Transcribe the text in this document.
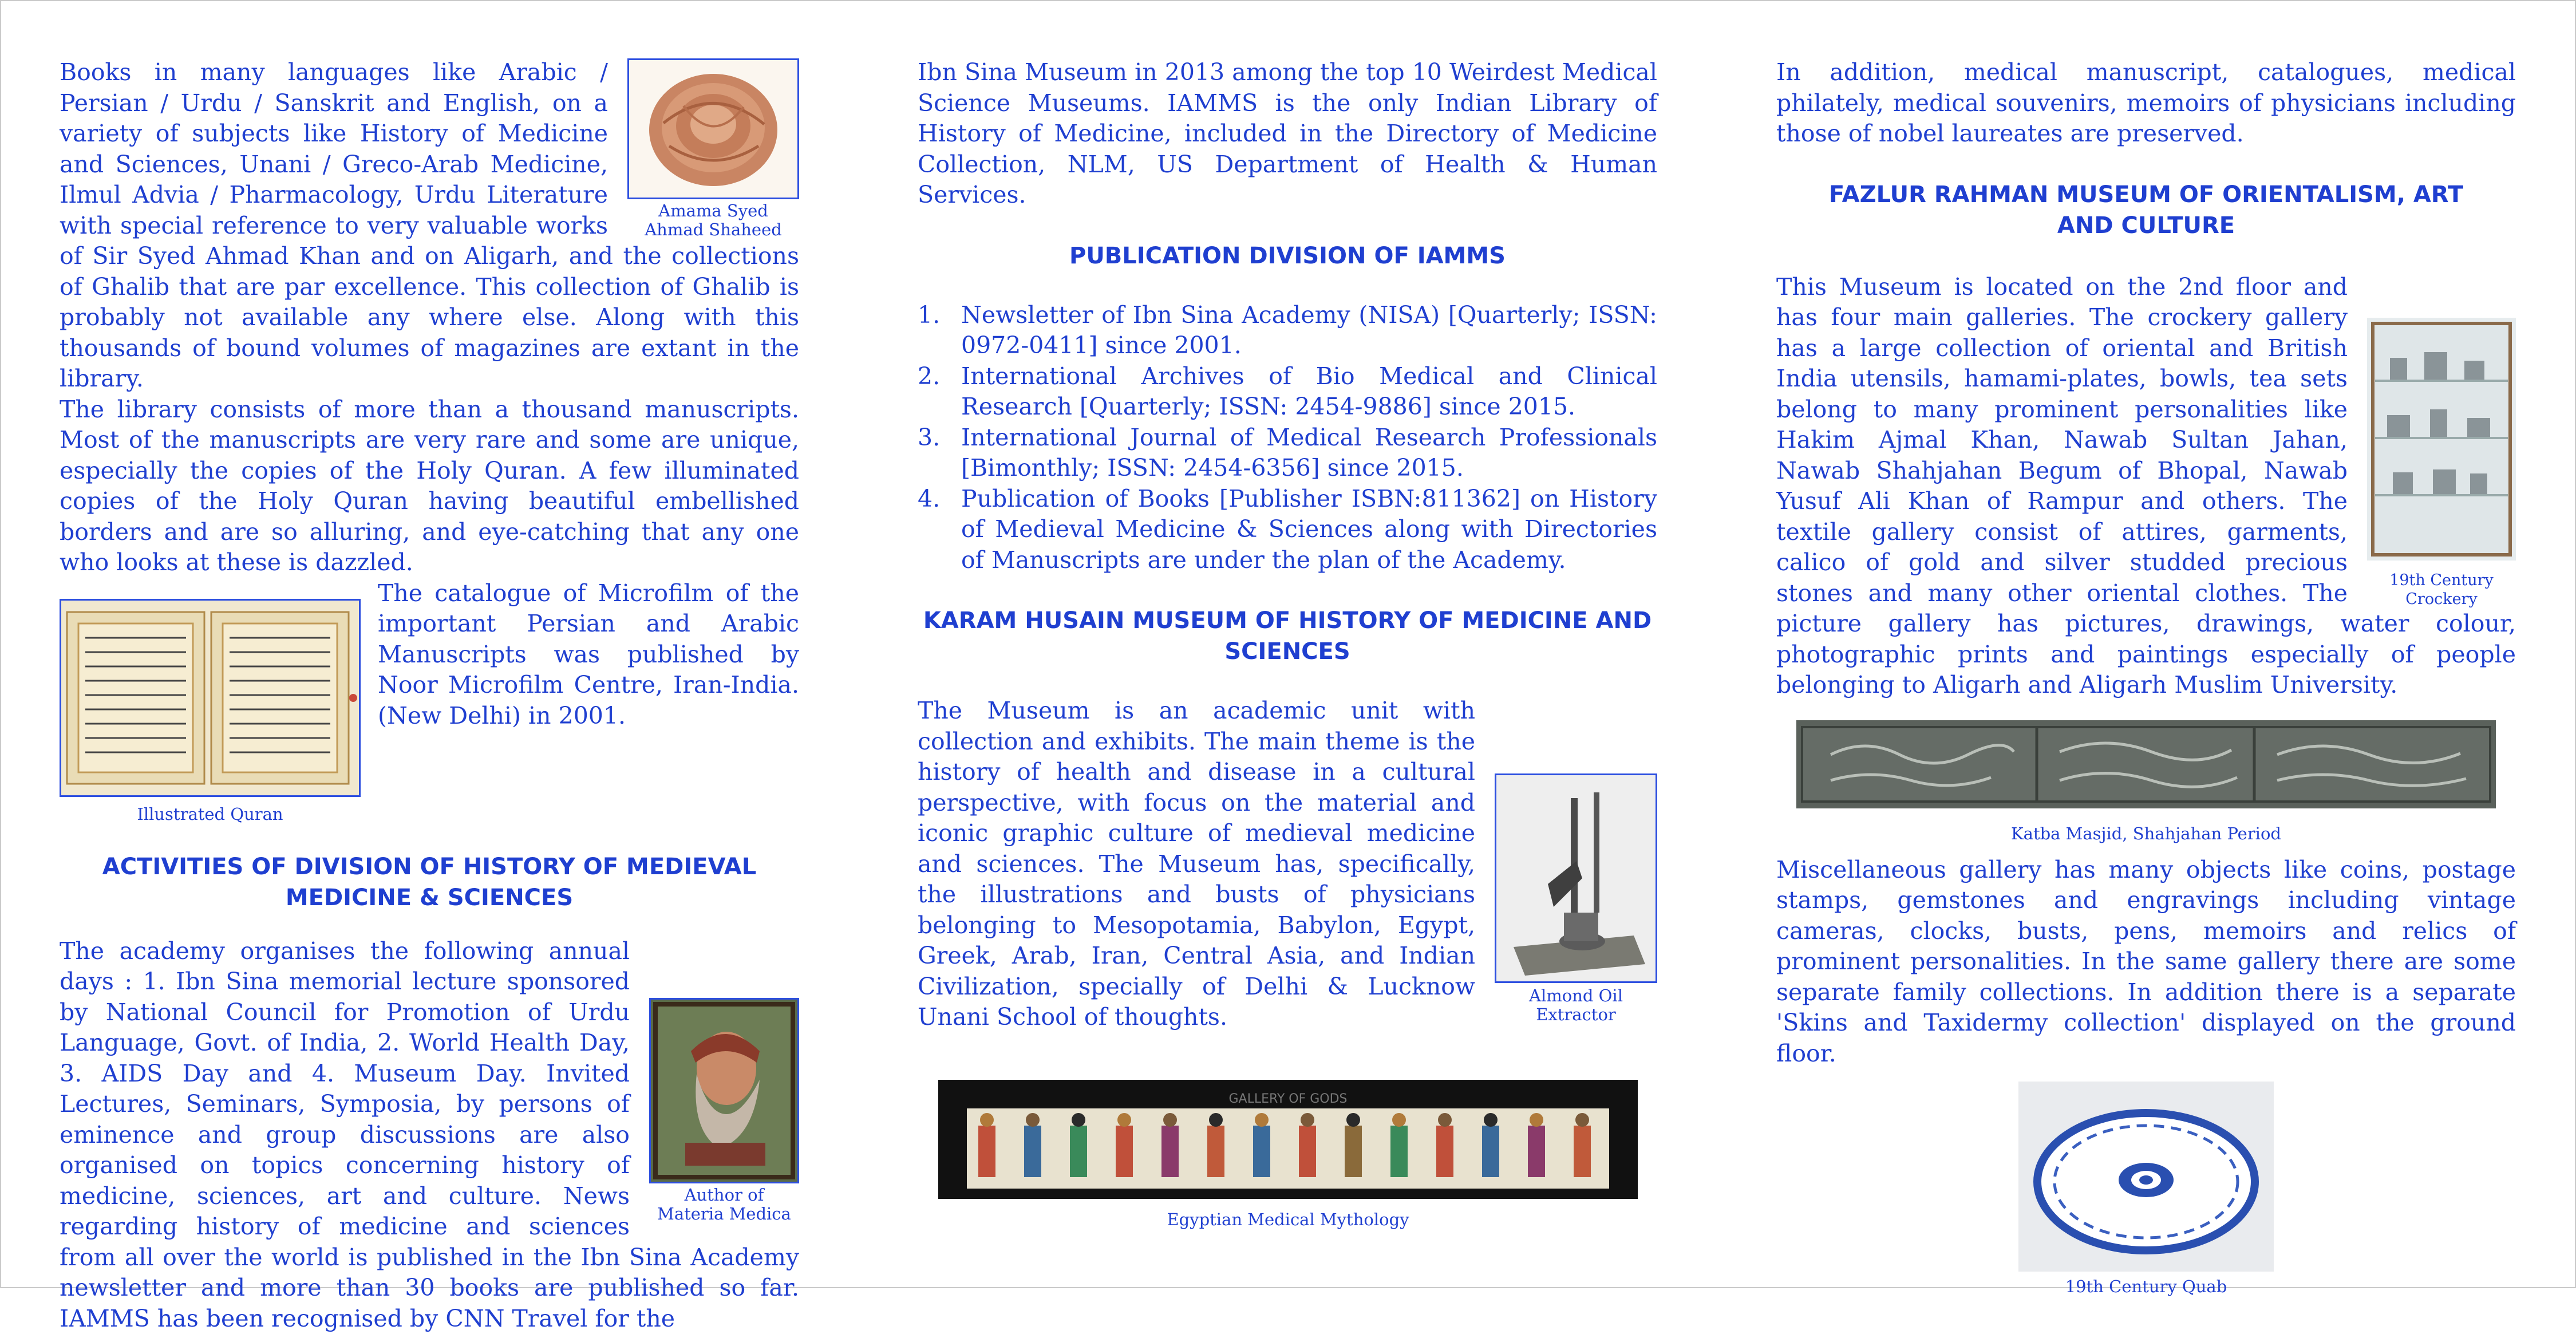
Amama Syed Ahmad Shaheed

Books in many languages like Arabic / Persian / Urdu / Sanskrit and English, on a variety of subjects like History of Medicine and Sciences, Unani / Greco-Arab Medicine, Ilmul Advia / Pharmacology, Urdu Literature with special reference to very valuable works of Sir Syed Ahmad Khan and on Aligarh, and the collections of Ghalib that are par excellence. This collection of Ghalib is probably not available any where else. Along with this thousands of bound volumes of magazines are extant in the library.

The library consists of more than a thousand manuscripts. Most of the manuscripts are very rare and some are unique, especially the copies of the Holy Quran. A few illuminated copies of the Holy Quran having beautiful embellished borders and are so alluring, and eye-catching that any one who looks at these is dazzled.

Illustrated Quran

The catalogue of Microfilm of the important Persian and Arabic Manuscripts was published by Noor Microfilm Centre, Iran-India. (New Delhi) in 2001.

ACTIVITIES OF DIVISION OF HISTORY OF MEDIEVAL MEDICINE & SCIENCES
Author of Materia Medica

The academy organises the following annual days : 1. Ibn Sina memorial lecture sponsored by National Council for Promotion of Urdu Language, Govt. of India, 2. World Health Day, 3. AIDS Day and 4. Museum Day. Invited Lectures, Seminars, Symposia, by persons of eminence and group discussions are also organised on topics concerning history of medicine, sciences, art and culture. News regarding history of medicine and sciences from all over the world is published in the Ibn Sina Academy newsletter and more than 30 books are published so far. IAMMS has been recognised by CNN Travel for the

Ibn Sina Museum in 2013 among the top 10 Weirdest Medical Science Museums. IAMMS is the only Indian Library of History of Medicine, included in the Directory of Medicine Collection, NLM, US Department of Health & Human Services.

PUBLICATION DIVISION OF IAMMS
1. Newsletter of Ibn Sina Academy (NISA) [Quarterly; ISSN: 0972-0411] since 2001.
2. International Archives of Bio Medical and Clinical Research [Quarterly; ISSN: 2454-9886] since 2015.
3. International Journal of Medical Research Professionals [Bimonthly; ISSN: 2454-6356] since 2015.
4. Publication of Books [Publisher ISBN:811362] on History of Medieval Medicine & Sciences along with Directories of Manuscripts are under the plan of the Academy.
KARAM HUSAIN MUSEUM OF HISTORY OF MEDICINE AND SCIENCES
Almond Oil Extractor

The Museum is an academic unit with collection and exhibits. The main theme is the history of health and disease in a cultural perspective, with focus on the material and iconic graphic culture of medieval medicine and sciences. The Museum has, specifically, the illustrations and busts of physicians belonging to Mesopotamia, Babylon, Egypt, Greek, Arab, Iran, Central Asia, and Indian Civilization, specially of Delhi & Lucknow Unani School of thoughts.

GALLERY OF GODS
Egyptian Medical Mythology

In addition, medical manuscript, catalogues, medical philately, medical souvenirs, memoirs of physicians including those of nobel laureates are preserved.

FAZLUR RAHMAN MUSEUM OF ORIENTALISM, ART AND CULTURE
19th Century Crockery

This Museum is located on the 2nd floor and has four main galleries. The crockery gallery has a large collection of oriental and British India utensils, hamami-plates, bowls, tea sets belong to many prominent personalities like Hakim Ajmal Khan, Nawab Sultan Jahan, Nawab Shahjahan Begum of Bhopal, Nawab Yusuf Ali Khan of Rampur and others. The textile gallery consist of attires, garments, calico of gold and silver studded precious stones and many other oriental clothes. The picture gallery has pictures, drawings, water colour, photographic prints and paintings especially of people belonging to Aligarh and Aligarh Muslim University.

Katba Masjid, Shahjahan Period

Miscellaneous gallery has many objects like coins, postage stamps, gemstones and engravings including vintage cameras, clocks, busts, pens, memoirs and relics of prominent personalities. In the same gallery there are some separate family collections. In addition there is a separate 'Skins and Taxidermy collection' displayed on the ground floor.

19th Century Quab
